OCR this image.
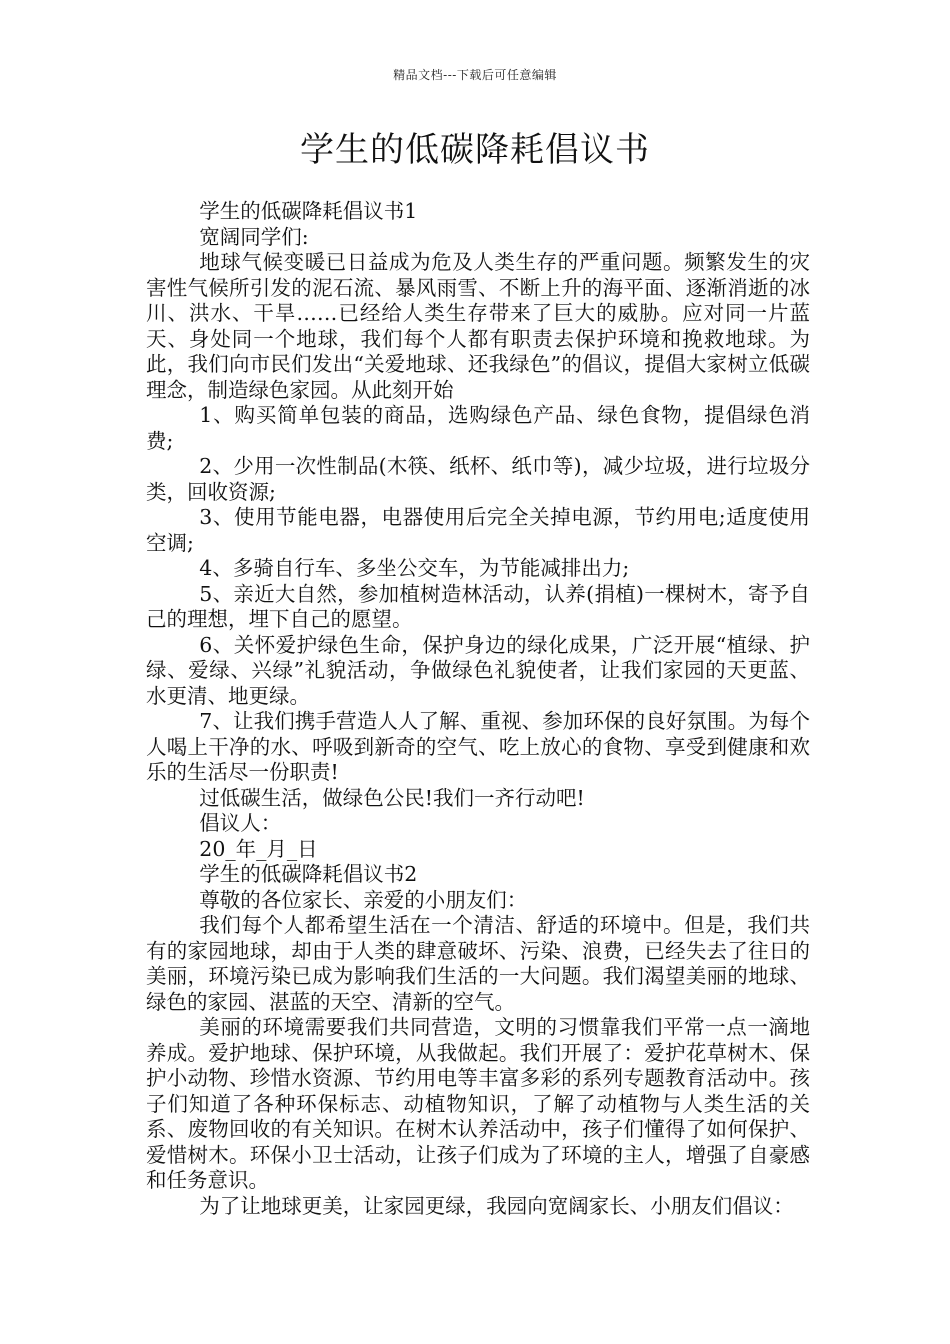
精品文档---下载后可任意编辑
学生的低碳降耗倡议书

学生的低碳降耗倡议书1

宽阔同学们:

地球气候变暖已日益成为危及人类生存的严重问题。频繁发生的灾害性气候所引发的泥石流、暴风雨雪、不断上升的海平面、逐渐消逝的冰川、洪水、干旱……已经给人类生存带来了巨大的威胁。应对同一片蓝天、身处同一个地球，我们每个人都有职责去保护环境和挽救地球。为此，我们向市民们发出“关爱地球、还我绿色”的倡议，提倡大家树立低碳理念，制造绿色家园。从此刻开始

1、购买简单包装的商品，选购绿色产品、绿色食物，提倡绿色消费;

2、少用一次性制品(木筷、纸杯、纸巾等)，减少垃圾，进行垃圾分类，回收资源;

3、使用节能电器，电器使用后完全关掉电源，节约用电;适度使用空调;

4、多骑自行车、多坐公交车，为节能减排出力;

5、亲近大自然，参加植树造林活动，认养(捐植)一棵树木，寄予自己的理想，埋下自己的愿望。

6、关怀爱护绿色生命，保护身边的绿化成果，广泛开展“植绿、护绿、爱绿、兴绿”礼貌活动，争做绿色礼貌使者，让我们家园的天更蓝、水更清、地更绿。

7、让我们携手营造人人了解、重视、参加环保的良好氛围。为每个人喝上干净的水、呼吸到新奇的空气、吃上放心的食物、享受到健康和欢乐的生活尽一份职责!

过低碳生活，做绿色公民!我们一齐行动吧!

倡议人：

20_年_月_日

学生的低碳降耗倡议书2

尊敬的各位家长、亲爱的小朋友们：

我们每个人都希望生活在一个清洁、舒适的环境中。但是，我们共有的家园地球，却由于人类的肆意破坏、污染、浪费，已经失去了往日的美丽，环境污染已成为影响我们生活的一大问题。我们渴望美丽的地球、绿色的家园、湛蓝的天空、清新的空气。

美丽的环境需要我们共同营造，文明的习惯靠我们平常一点一滴地养成。爱护地球、保护环境，从我做起。我们开展了：爱护花草树木、保护小动物、珍惜水资源、节约用电等丰富多彩的系列专题教育活动中。孩子们知道了各种环保标志、动植物知识，了解了动植物与人类生活的关系、废物回收的有关知识。在树木认养活动中，孩子们懂得了如何保护、爱惜树木。环保小卫士活动，让孩子们成为了环境的主人，增强了自豪感和任务意识。

为了让地球更美，让家园更绿，我园向宽阔家长、小朋友们倡议：
